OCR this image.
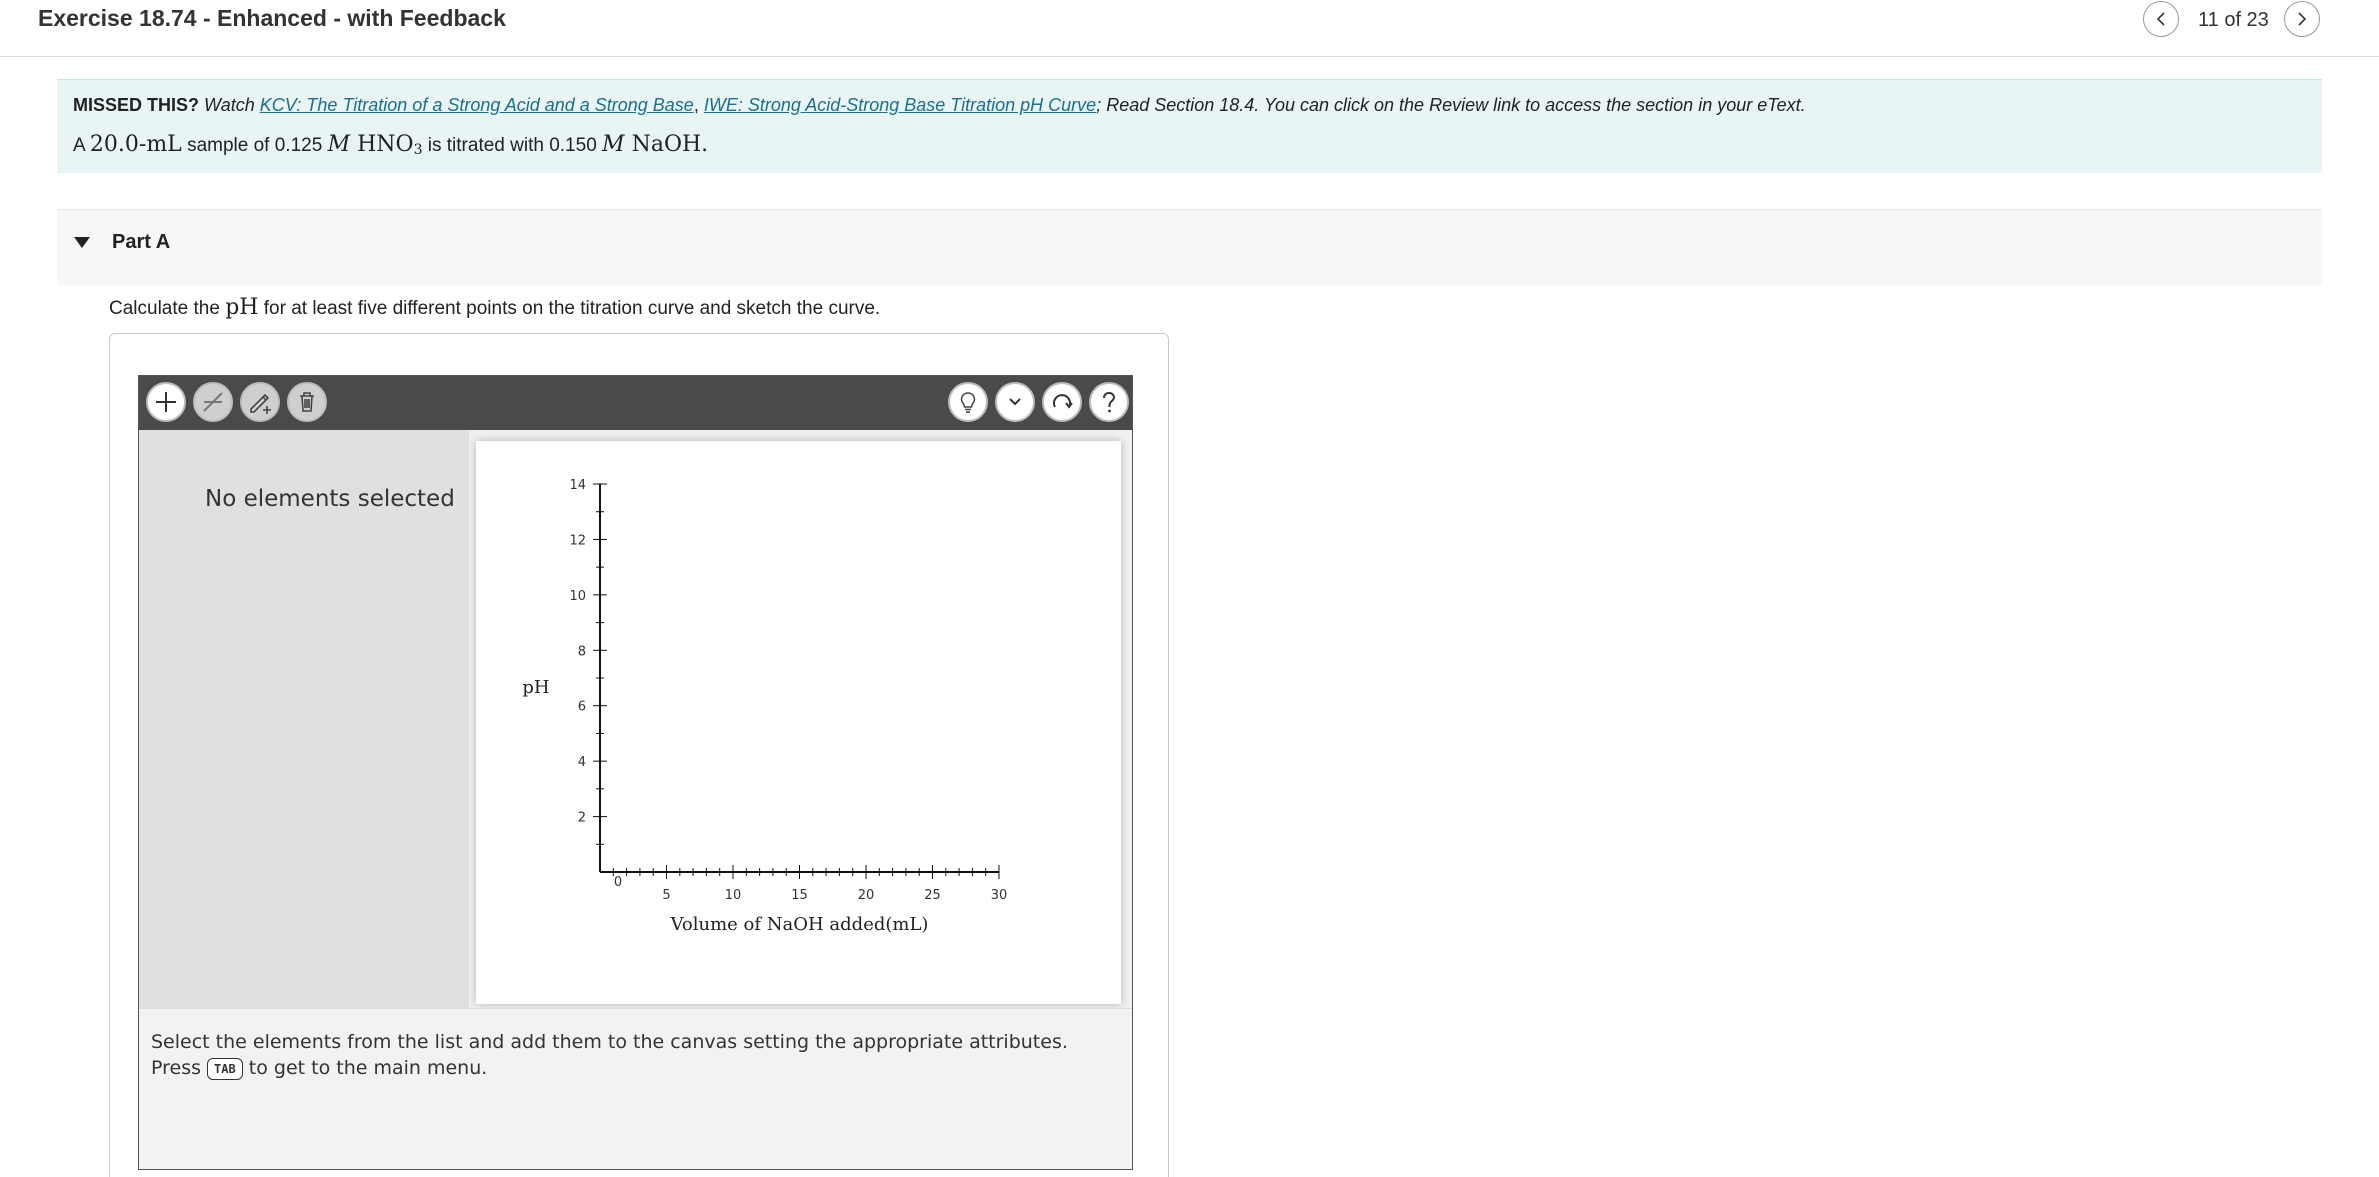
Exercise 18.74 - Enhanced - with Feedback	11 of 23
MISSED THIS? Watch KCV: The Titration of a Strong Acid and a Strong Base, IWE: Strong Acid-Strong Base Titration pH Curve; Read Section 18.4. You can click on the Review link to access the section in your eText.
A 20.0-mL sample of 0.125 M $HNO_3$ is titrated with 0.150 M NaOH.
Part A
Calculate the pH for at least five different points on the titration curve and sketch the curve.
No elements selected
2
4
6
8
10
12
14
0
5	10	15	20	25	30
pH
Volume of NaOH added(mL)
Select the elements from the list and add them to the canvas setting the appropriate attributes. Press TAB to get to the main menu.
